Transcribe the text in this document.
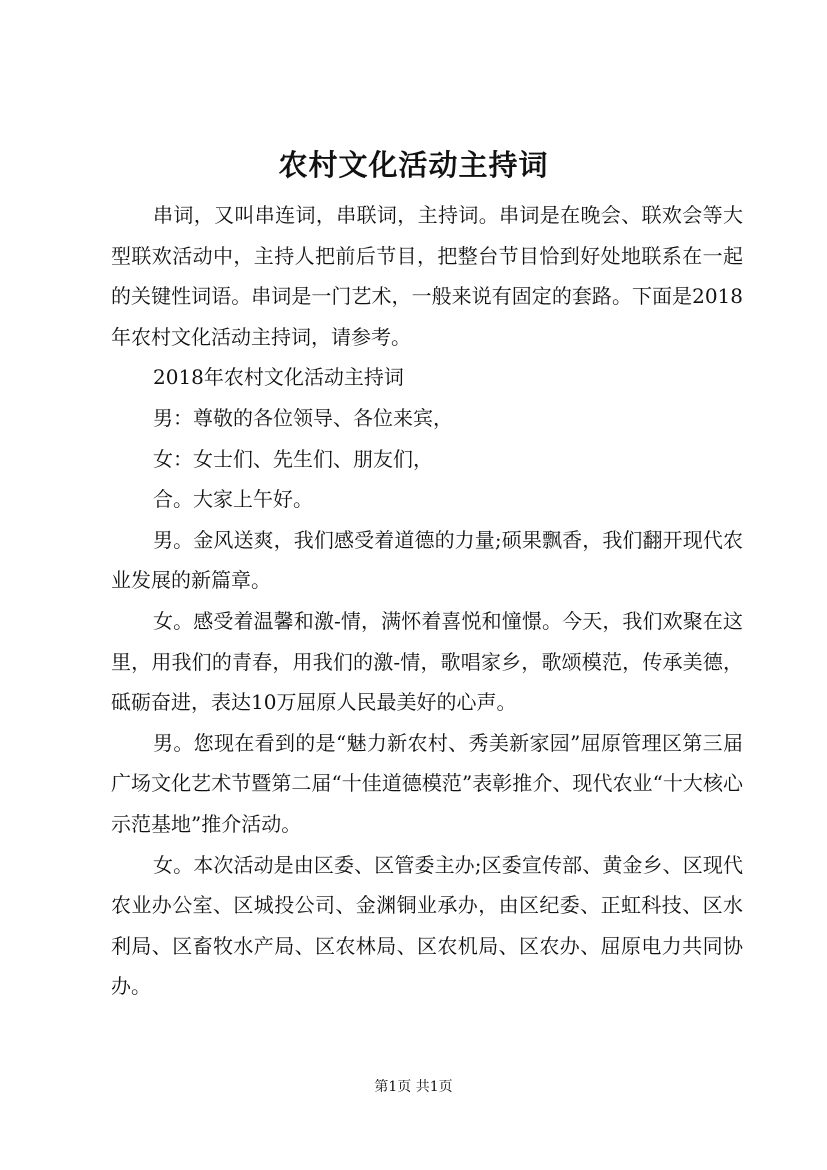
农村文化活动主持词

串词，又叫串连词，串联词，主持词。串词是在晚会、联欢会等大型联欢活动中，主持人把前后节目，把整台节目恰到好处地联系在一起的关键性词语。串词是一门艺术，一般来说有固定的套路。下面是2018年农村文化活动主持词，请参考。

2018年农村文化活动主持词

男：尊敬的各位领导、各位来宾，

女：女士们、先生们、朋友们，

合。大家上午好。

男。金风送爽，我们感受着道德的力量;硕果飘香，我们翻开现代农业发展的新篇章。

女。感受着温馨和激-情，满怀着喜悦和憧憬。今天，我们欢聚在这里，用我们的青春，用我们的激-情，歌唱家乡，歌颂模范，传承美德，砥砺奋进，表达10万屈原人民最美好的心声。

男。您现在看到的是“魅力新农村、秀美新家园”屈原管理区第三届广场文化艺术节暨第二届“十佳道德模范”表彰推介、现代农业“十大核心示范基地”推介活动。

女。本次活动是由区委、区管委主办;区委宣传部、黄金乡、区现代农业办公室、区城投公司、金渊铜业承办，由区纪委、正虹科技、区水利局、区畜牧水产局、区农林局、区农机局、区农办、屈原电力共同协办。

第1页 共1页
